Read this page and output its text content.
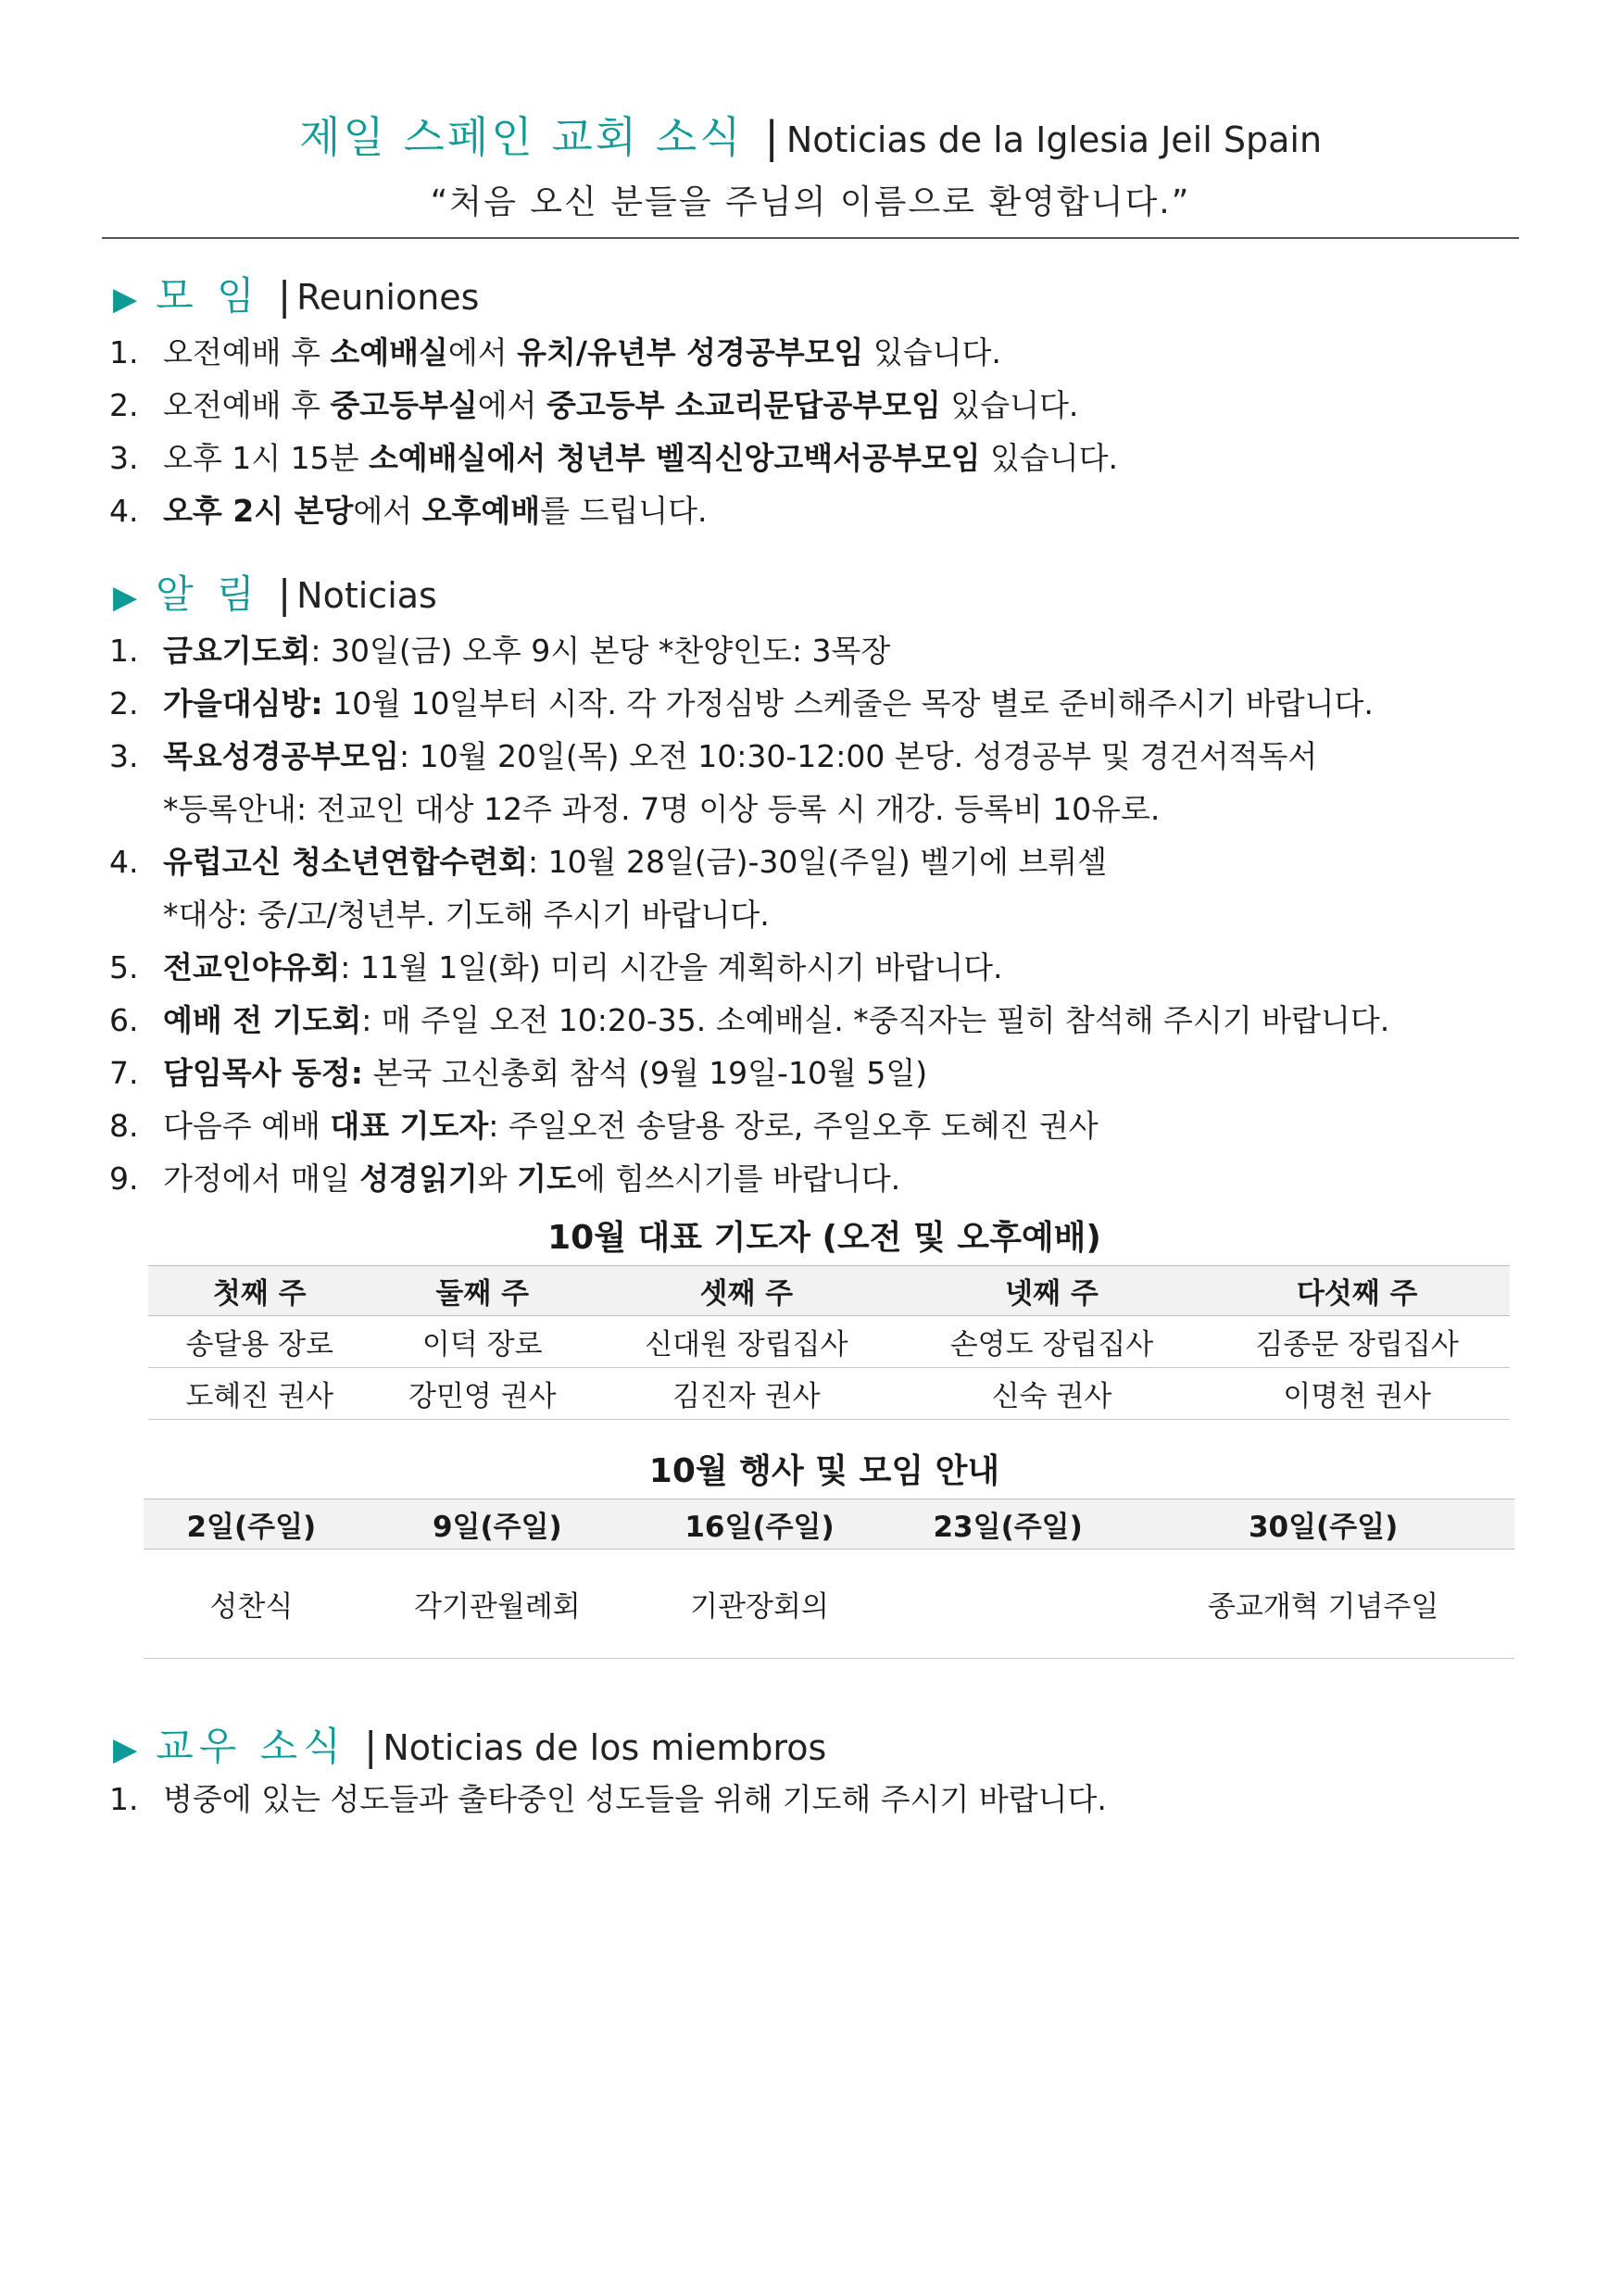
제일 스페인 교회 소식 | Noticias de la Iglesia Jeil Spain
“처음 오신 분들을 주님의 이름으로 환영합니다.”
▶ 모 임 | Reuniones
1. 오전예배 후 소예배실에서 유치/유년부 성경공부모임 있습니다.
2. 오전예배 후 중고등부실에서 중고등부 소교리문답공부모임 있습니다.
3. 오후 1시 15분 소예배실에서 청년부 벨직신앙고백서공부모임 있습니다.
4. 오후 2시 본당에서 오후예배를 드립니다.
▶ 알 림 | Noticias
1. 금요기도회: 30일(금) 오후 9시 본당 *찬양인도: 3목장
2. 가을대심방: 10월 10일부터 시작. 각 가정심방 스케줄은 목장 별로 준비해주시기 바랍니다.
3. 목요성경공부모임: 10월 20일(목) 오전 10:30-12:00 본당. 성경공부 및 경건서적독서
*등록안내: 전교인 대상 12주 과정. 7명 이상 등록 시 개강. 등록비 10유로.
4. 유럽고신 청소년연합수련회: 10월 28일(금)-30일(주일) 벨기에 브뤼셀
*대상: 중/고/청년부. 기도해 주시기 바랍니다.
5. 전교인야유회: 11월 1일(화) 미리 시간을 계획하시기 바랍니다.
6. 예배 전 기도회: 매 주일 오전 10:20-35. 소예배실. *중직자는 필히 참석해 주시기 바랍니다.
7. 담임목사 동정: 본국 고신총회 참석 (9월 19일-10월 5일)
8. 다음주 예배 대표 기도자: 주일오전 송달용 장로, 주일오후 도혜진 권사
9. 가정에서 매일 성경읽기와 기도에 힘쓰시기를 바랍니다.
10월 대표 기도자 (오전 및 오후예배)
첫째 주	둘째 주	셋째 주	넷째 주	다섯째 주
송달용 장로	이덕 장로	신대원 장립집사	손영도 장립집사	김종문 장립집사
도혜진 권사	강민영 권사	김진자 권사	신숙 권사	이명천 권사
10월 행사 및 모임 안내
2일(주일)	9일(주일)	16일(주일)	23일(주일)	30일(주일)
성찬식	각기관월례회	기관장회의		종교개혁 기념주일
▶ 교우 소식 | Noticias de los miembros
1. 병중에 있는 성도들과 출타중인 성도들을 위해 기도해 주시기 바랍니다.
